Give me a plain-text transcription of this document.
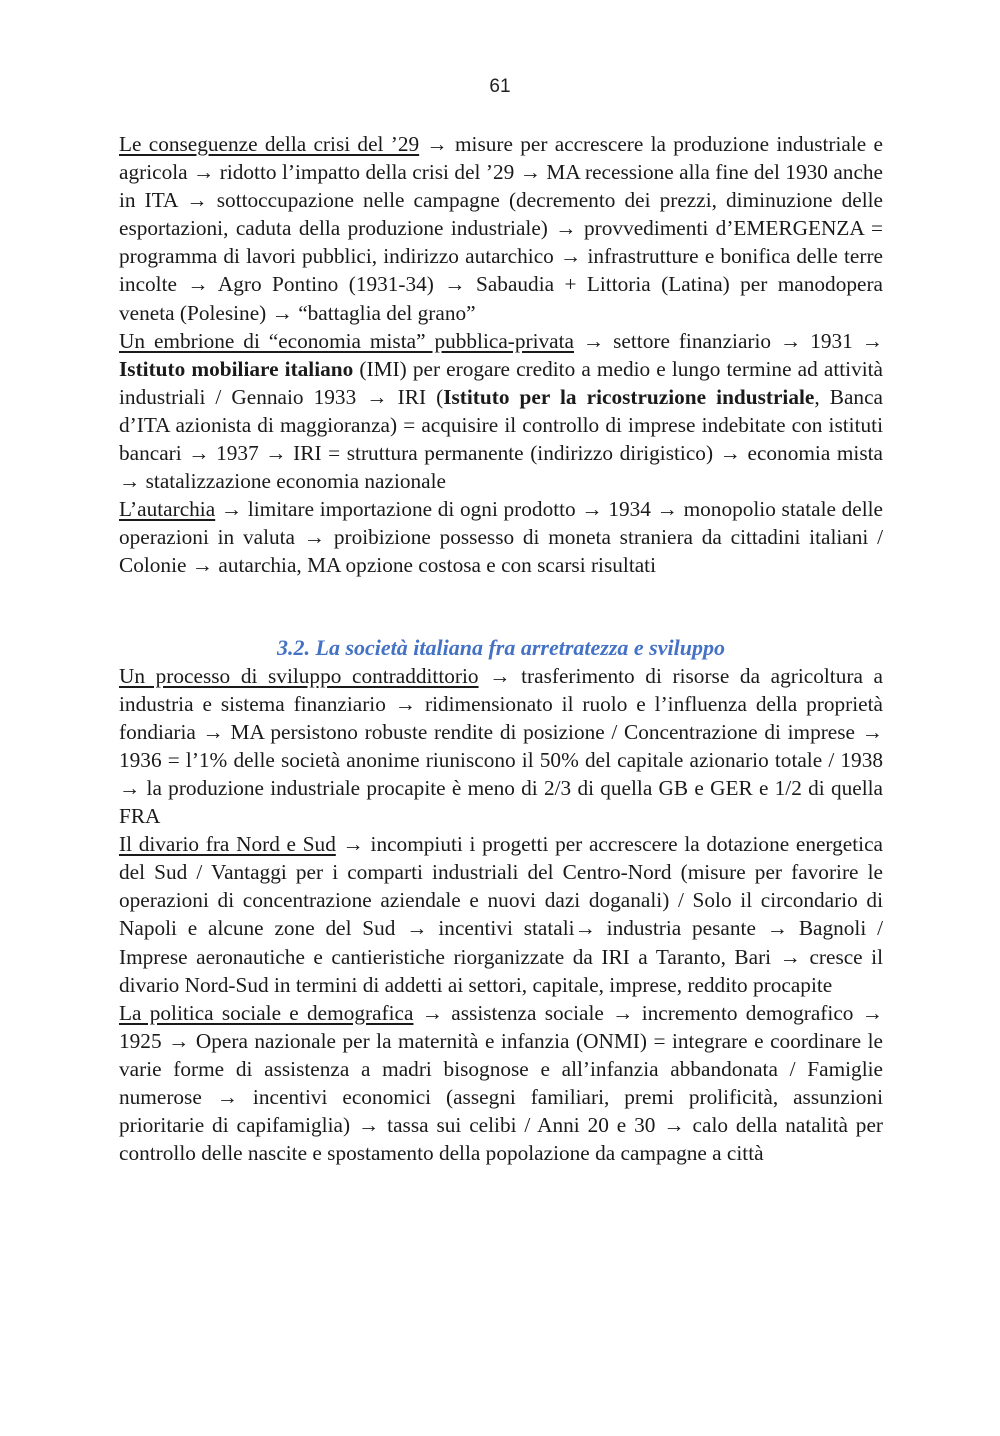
61

Le conseguenze della crisi del ’29 → misure per accrescere la produzione industriale e agricola → ridotto l’impatto della crisi del ’29 → MA recessione alla fine del 1930 anche in ITA → sottoccupazione nelle campagne (decremento dei prezzi, diminuzione delle esportazioni, caduta della produzione industriale) → provvedimenti d’EMERGENZA = programma di lavori pubblici, indirizzo autarchico → infrastrutture e bonifica delle terre incolte → Agro Pontino (1931-34) → Sabaudia + Littoria (Latina) per manodopera veneta (Polesine) → “battaglia del grano”

Un embrione di “economia mista” pubblica-privata → settore finanziario → 1931 → Istituto mobiliare italiano (IMI) per erogare credito a medio e lungo termine ad attività industriali / Gennaio 1933 → IRI (Istituto per la ricostruzione industriale, Banca d’ITA azionista di maggioranza) = acquisire il controllo di imprese indebitate con istituti bancari → 1937 → IRI = struttura permanente (indirizzo dirigistico) → economia mista → statalizzazione economia nazionale

L’autarchia → limitare importazione di ogni prodotto → 1934 → monopolio statale delle operazioni in valuta → proibizione possesso di moneta straniera da cittadini italiani / Colonie → autarchia, MA opzione costosa e con scarsi risultati

3.2. La società italiana fra arretratezza e sviluppo

Un processo di sviluppo contraddittorio → trasferimento di risorse da agricoltura a industria e sistema finanziario → ridimensionato il ruolo e l’influenza della proprietà fondiaria → MA persistono robuste rendite di posizione / Concentrazione di imprese → 1936 = l’1% delle società anonime riuniscono il 50% del capitale azionario totale / 1938 → la produzione industriale procapite è meno di 2/3 di quella GB e GER e 1/2 di quella FRA

Il divario fra Nord e Sud → incompiuti i progetti per accrescere la dotazione energetica del Sud / Vantaggi per i comparti industriali del Centro-Nord (misure per favorire le operazioni di concentrazione aziendale e nuovi dazi doganali) / Solo il circondario di Napoli e alcune zone del Sud → incentivi statali→ industria pesante → Bagnoli / Imprese aeronautiche e cantieristiche riorganizzate da IRI a Taranto, Bari → cresce il divario Nord-Sud in termini di addetti ai settori, capitale, imprese, reddito procapite

La politica sociale e demografica → assistenza sociale → incremento demografico → 1925 → Opera nazionale per la maternità e infanzia (ONMI) = integrare e coordinare le varie forme di assistenza a madri bisognose e all’infanzia abbandonata / Famiglie numerose → incentivi economici (assegni familiari, premi prolificità, assunzioni prioritarie di capifamiglia) → tassa sui celibi / Anni 20 e 30 → calo della natalità per controllo delle nascite e spostamento della popolazione da campagne a città
